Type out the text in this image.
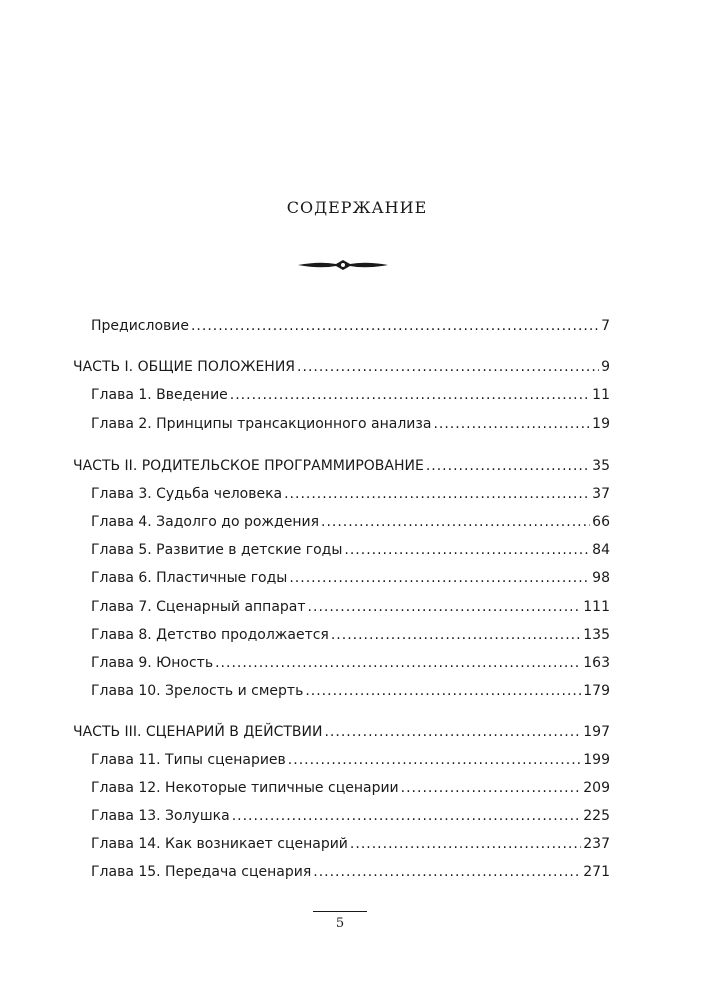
СОДЕРЖАНИЕ
Предисловие .....	7
ЧАСТЬ I. ОБЩИЕ ПОЛОЖЕНИЯ .....	9
Глава 1. Введение .....	11
Глава 2. Принципы трансакционного анализа .....	19
ЧАСТЬ II. РОДИТЕЛЬСКОЕ ПРОГРАММИРОВАНИЕ .....	35
Глава 3. Судьба человека .....	37
Глава 4. Задолго до рождения .....	66
Глава 5. Развитие в детские годы .....	84
Глава 6. Пластичные годы .....	98
Глава 7. Сценарный аппарат .....	111
Глава 8. Детство продолжается .....	135
Глава 9. Юность .....	163
Глава 10. Зрелость и смерть .....	179
ЧАСТЬ III. СЦЕНАРИЙ В ДЕЙСТВИИ .....	197
Глава 11. Типы сценариев .....	199
Глава 12. Некоторые типичные сценарии .....	209
Глава 13. Золушка .....	225
Глава 14. Как возникает сценарий .....	237
Глава 15. Передача сценария .....	271
5
